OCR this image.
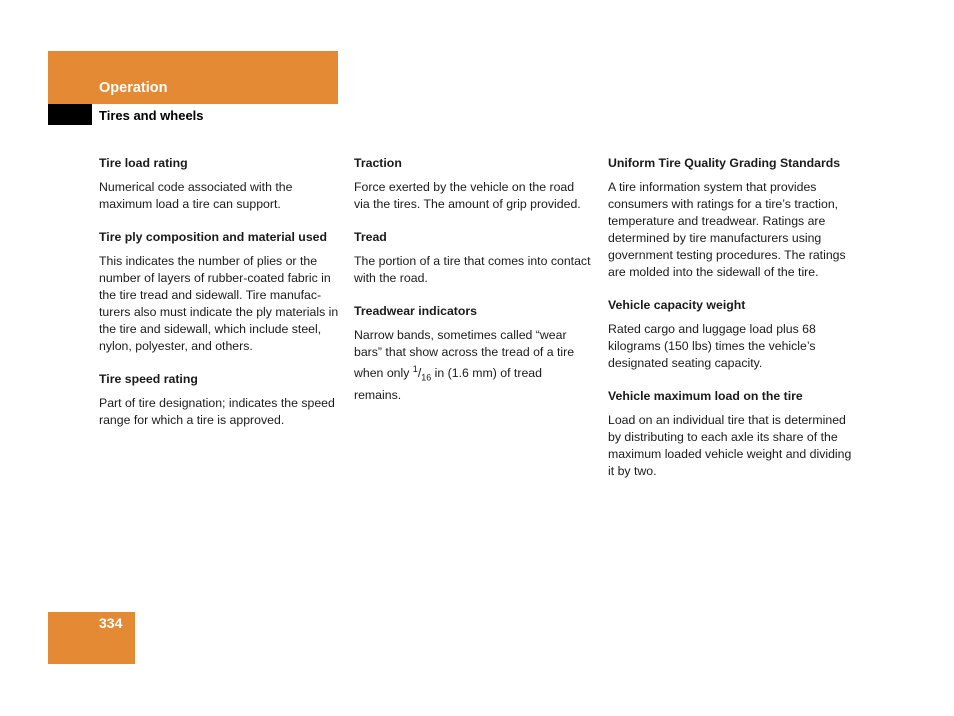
Operation
Tires and wheels

Tire load rating

Numerical code associated with the maximum load a tire can support.

Tire ply composition and material used

This indicates the number of plies or the number of layers of rubber-coated fabric in the tire tread and sidewall. Tire manufacturers also must indicate the ply materials in the tire and sidewall, which include steel, nylon, polyester, and others.

Tire speed rating

Part of tire designation; indicates the speed range for which a tire is approved.

Traction

Force exerted by the vehicle on the road via the tires. The amount of grip provided.

Tread

The portion of a tire that comes into contact with the road.

Treadwear indicators

Narrow bands, sometimes called “wear bars” that show across the tread of a tire when only $^1/_{16}$ in (1.6 mm) of tread remains.

Uniform Tire Quality Grading Standards

A tire information system that provides consumers with ratings for a tire’s traction, temperature and treadwear. Ratings are determined by tire manufacturers using government testing procedures. The ratings are molded into the sidewall of the tire.

Vehicle capacity weight

Rated cargo and luggage load plus 68 kilograms (150 lbs) times the vehicle’s designated seating capacity.

Vehicle maximum load on the tire

Load on an individual tire that is determined by distributing to each axle its share of the maximum loaded vehicle weight and dividing it by two.

334
